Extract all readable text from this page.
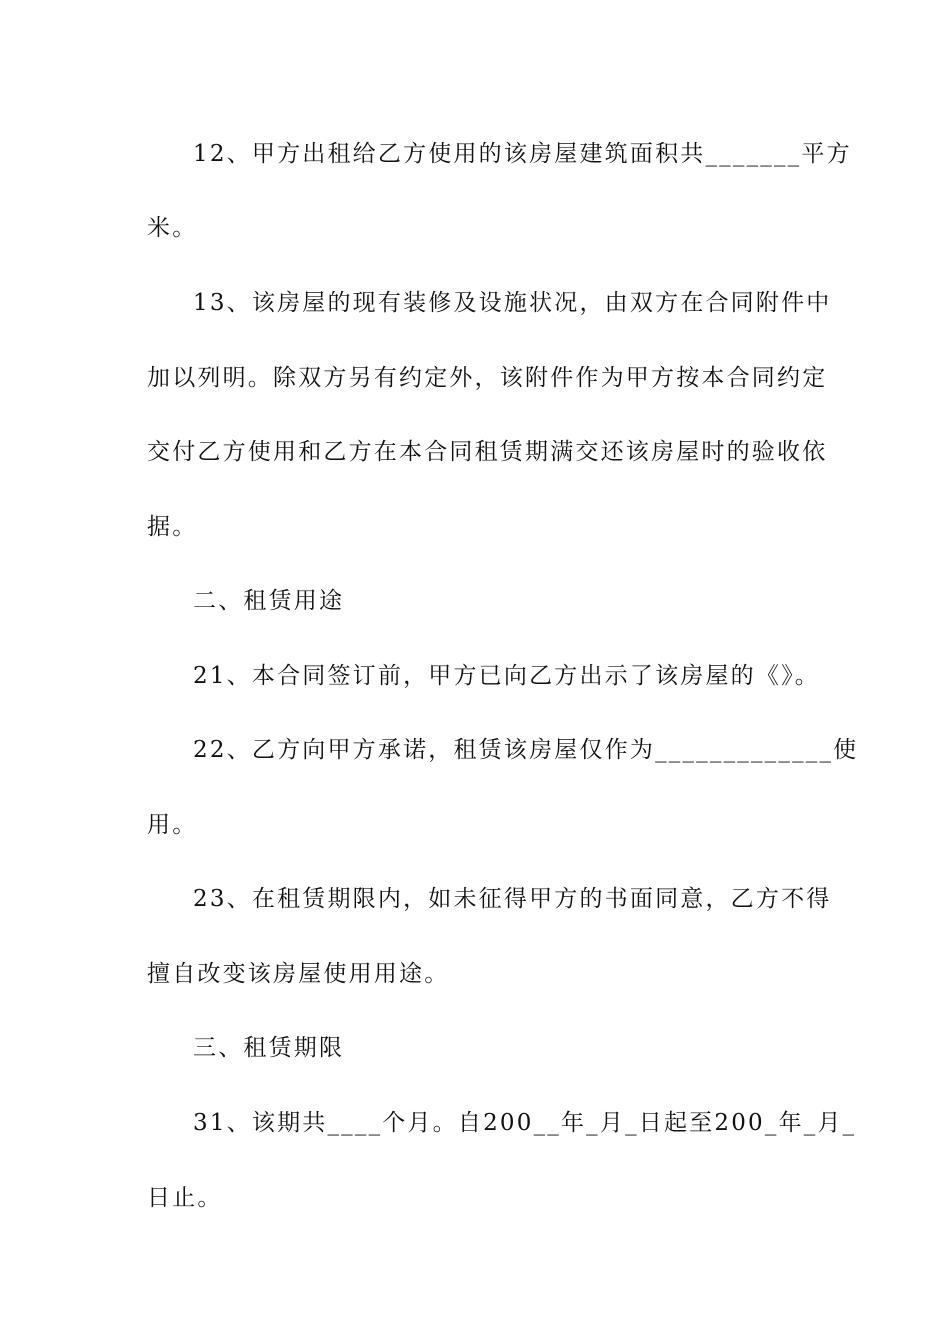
12、甲方出租给乙方使用的该房屋建筑面积共_______平方
米。
13、该房屋的现有装修及设施状况，由双方在合同附件中
加以列明。除双方另有约定外，该附件作为甲方按本合同约定
交付乙方使用和乙方在本合同租赁期满交还该房屋时的验收依
据。
二、租赁用途
21、本合同签订前，甲方已向乙方出示了该房屋的《》。
22、乙方向甲方承诺，租赁该房屋仅作为_____________使
用。
23、在租赁期限内，如未征得甲方的书面同意，乙方不得
擅自改变该房屋使用用途。
三、租赁期限
31、该期共____个月。自200__年_月_日起至200_年_月_
日止。
